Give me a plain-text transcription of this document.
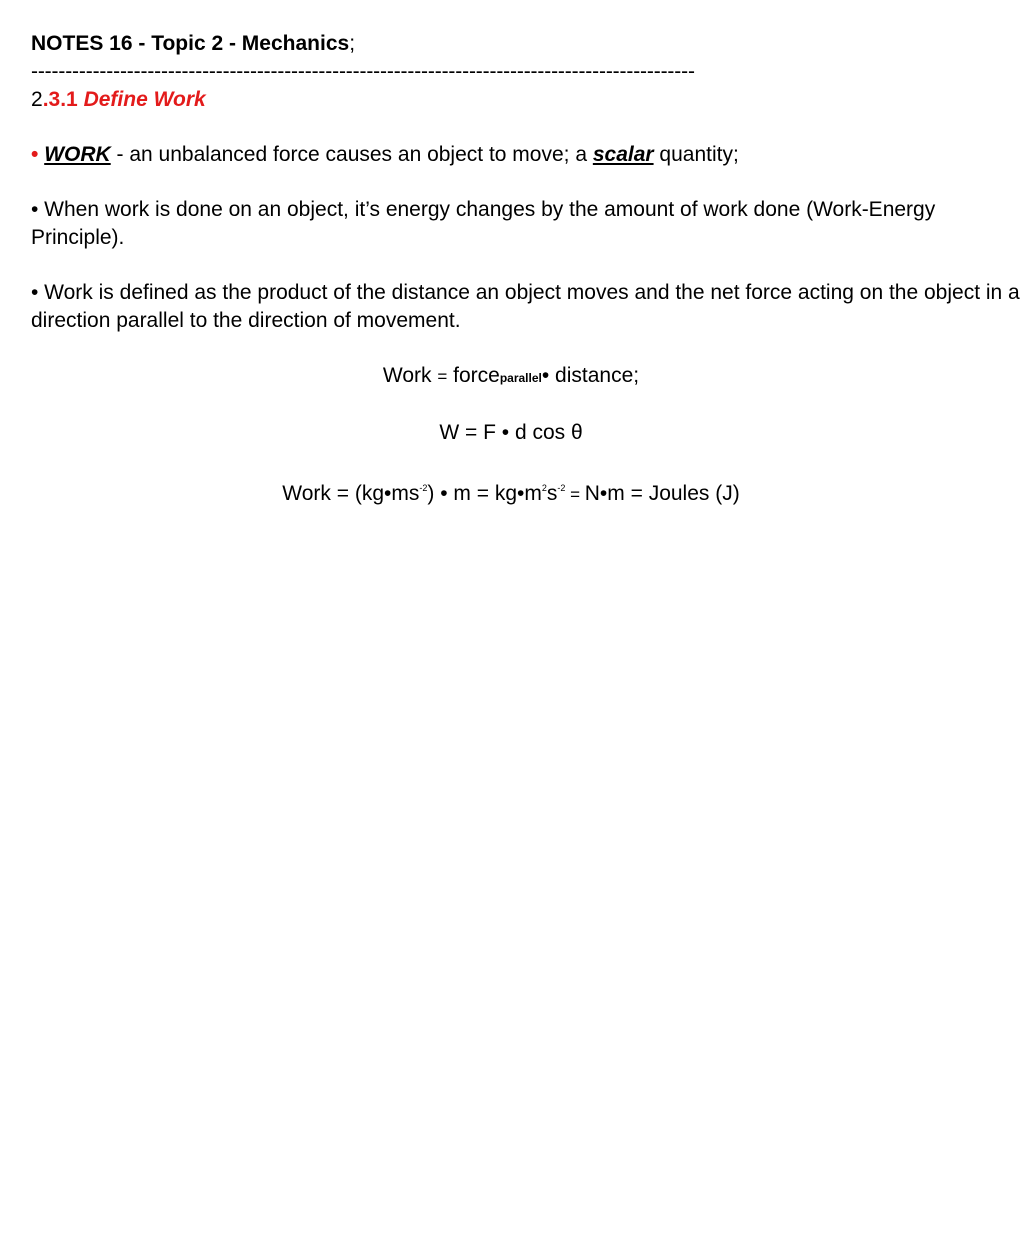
NOTES 16 - Topic 2 - Mechanics;
-------------------------------------------------------------------------------------------------
2.3.1 Define Work
• WORK - an unbalanced force causes an object to move; a scalar quantity;
• When work is done on an object, it’s energy changes by the amount of work done (Work-Energy Principle).
• Work is defined as the product of the distance an object moves and the net force acting on the object in a direction parallel to the direction of movement.
Work = forceparallel• distance;
W = F • d cos θ
Work = $(kg•ms^{-2})$ • $m = kg•m^2s^{-2}$ = N•m = Joules (J)
